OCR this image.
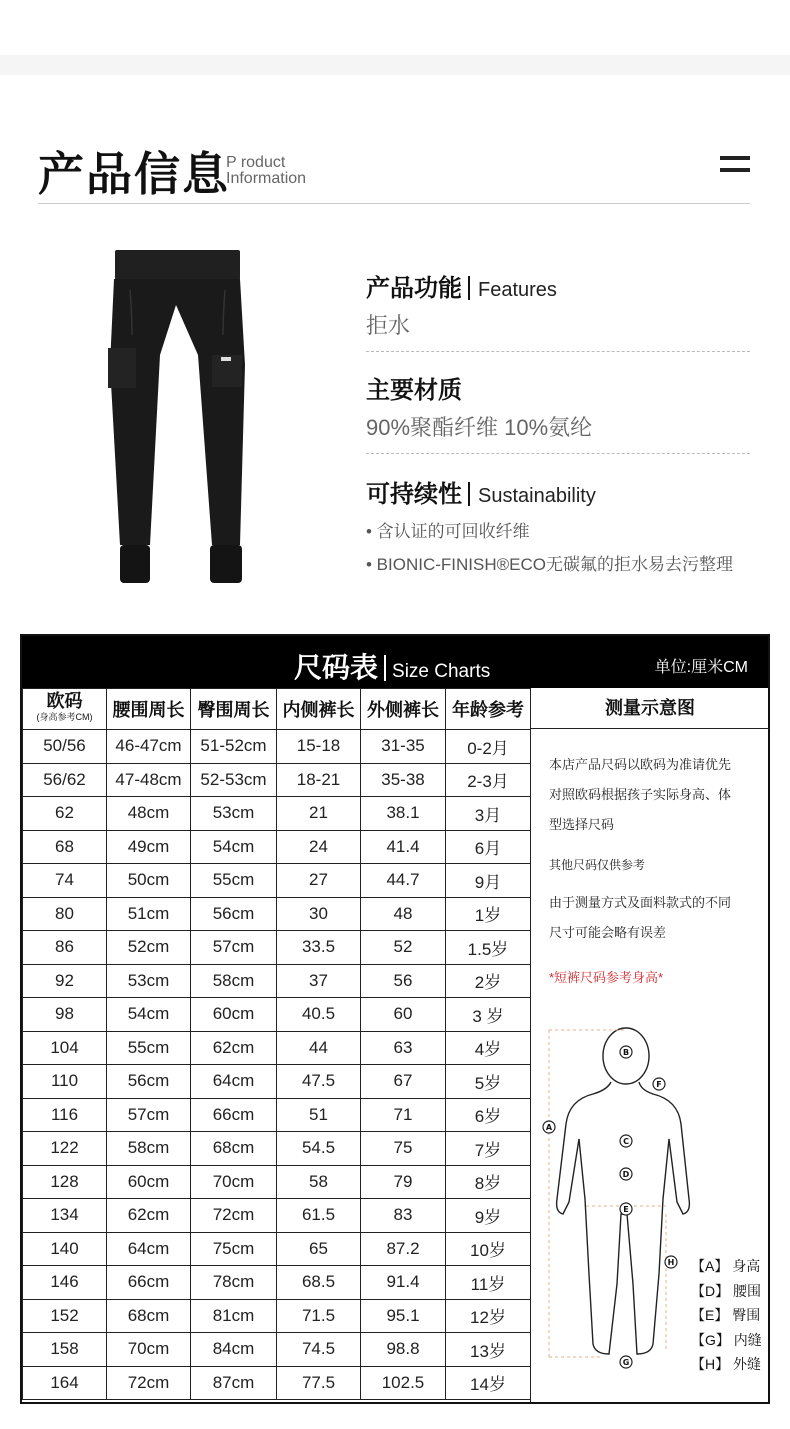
产品信息
P roduct
Information
产品功能 Features
拒水
主要材质
90%聚酯纤维 10%氨纶
可持续性 Sustainability
• 含认证的可回收纤维
• BIONIC-FINISH®ECO无碳氟的拒水易去污整理
尺码表 Size Charts	单位:厘米CM
欧码
(身高参考CM)	腰围周长	臀围周长	内侧裤长	外侧裤长	年龄参考
50/56	46-47cm	51-52cm	15-18	31-35	0-2月
56/62	47-48cm	52-53cm	18-21	35-38	2-3月
62	48cm	53cm	21	38.1	3月
68	49cm	54cm	24	41.4	6月
74	50cm	55cm	27	44.7	9月
80	51cm	56cm	30	48	1岁
86	52cm	57cm	33.5	52	1.5岁
92	53cm	58cm	37	56	2岁
98	54cm	60cm	40.5	60	3 岁
104	55cm	62cm	44	63	4岁
110	56cm	64cm	47.5	67	5岁
116	57cm	66cm	51	71	6岁
122	58cm	68cm	54.5	75	7岁
128	60cm	70cm	58	79	8岁
134	62cm	72cm	61.5	83	9岁
140	64cm	75cm	65	87.2	10岁
146	66cm	78cm	68.5	91.4	11岁
152	68cm	81cm	71.5	95.1	12岁
158	70cm	84cm	74.5	98.8	13岁
164	72cm	87cm	77.5	102.5	14岁
测量示意图
本店产品尺码以欧码为准请优先
对照欧码根据孩子实际身高、体
型选择尺码
其他尺码仅供参考
由于测量方式及面料款式的不同
尺寸可能会略有误差
*短裤尺码参考身高*
A
B
C
D
E
F
G
H 【A】 身高
【D】 腰围
【E】 臀围
【G】 内缝
【H】 外缝
